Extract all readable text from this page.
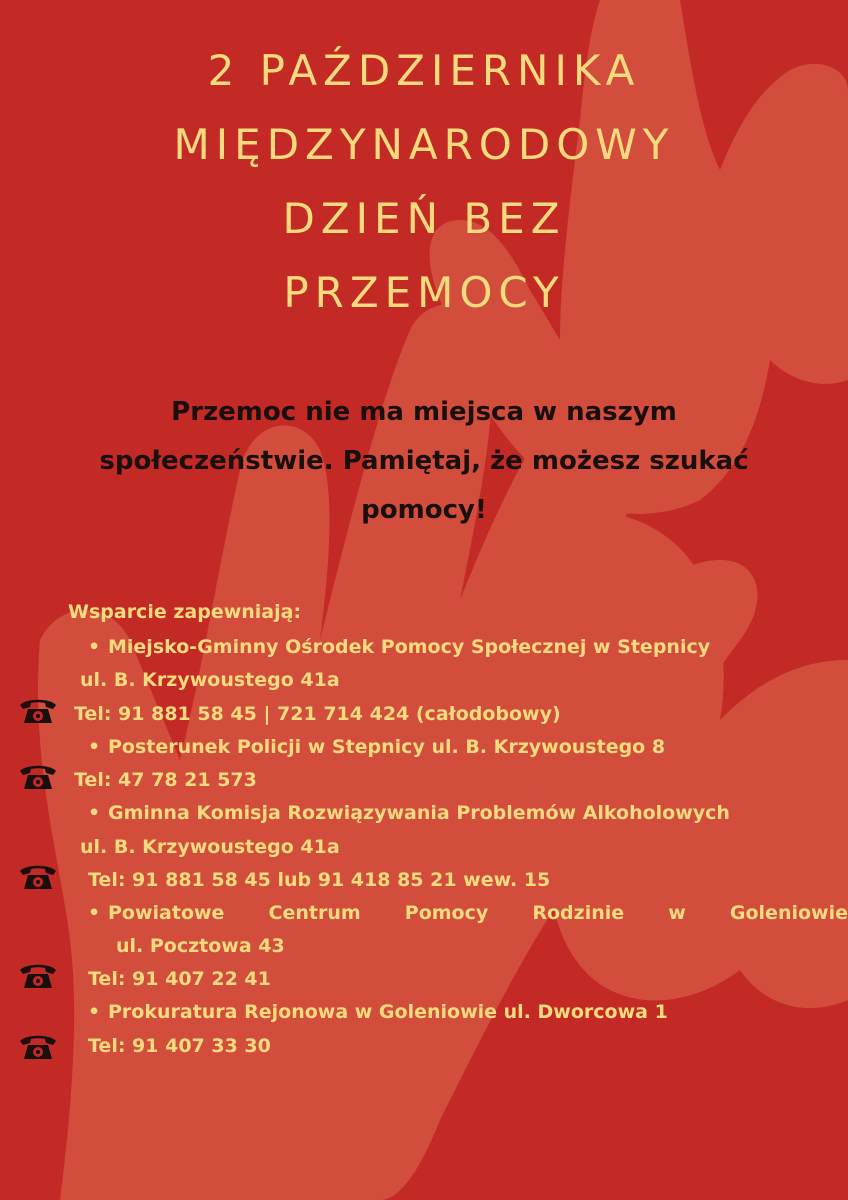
2 PAŹDZIERNIKA
MIĘDZYNARODOWY
DZIEŃ BEZ
PRZEMOCY
Przemoc nie ma miejsca w naszym
społeczeństwie. Pamiętaj, że możesz szukać
pomocy!
Wsparcie zapewniają:
• Miejsko-Gminny Ośrodek Pomocy Społecznej w Stepnicy
ul. B. Krzywoustego 41a
Tel: 91 881 58 45 | 721 714 424 (całodobowy)
• Posterunek Policji w Stepnicy ul. B. Krzywoustego 8
Tel: 47 78 21 573
• Gminna Komisja Rozwiązywania Problemów Alkoholowych
ul. B. Krzywoustego 41a
Tel: 91 881 58 45 lub 91 418 85 21 wew. 15
• Powiatowe Centrum Pomocy Rodzinie w Goleniowie
ul. Pocztowa 43
Tel: 91 407 22 41
• Prokuratura Rejonowa w Goleniowie ul. Dworcowa 1
Tel: 91 407 33 30
